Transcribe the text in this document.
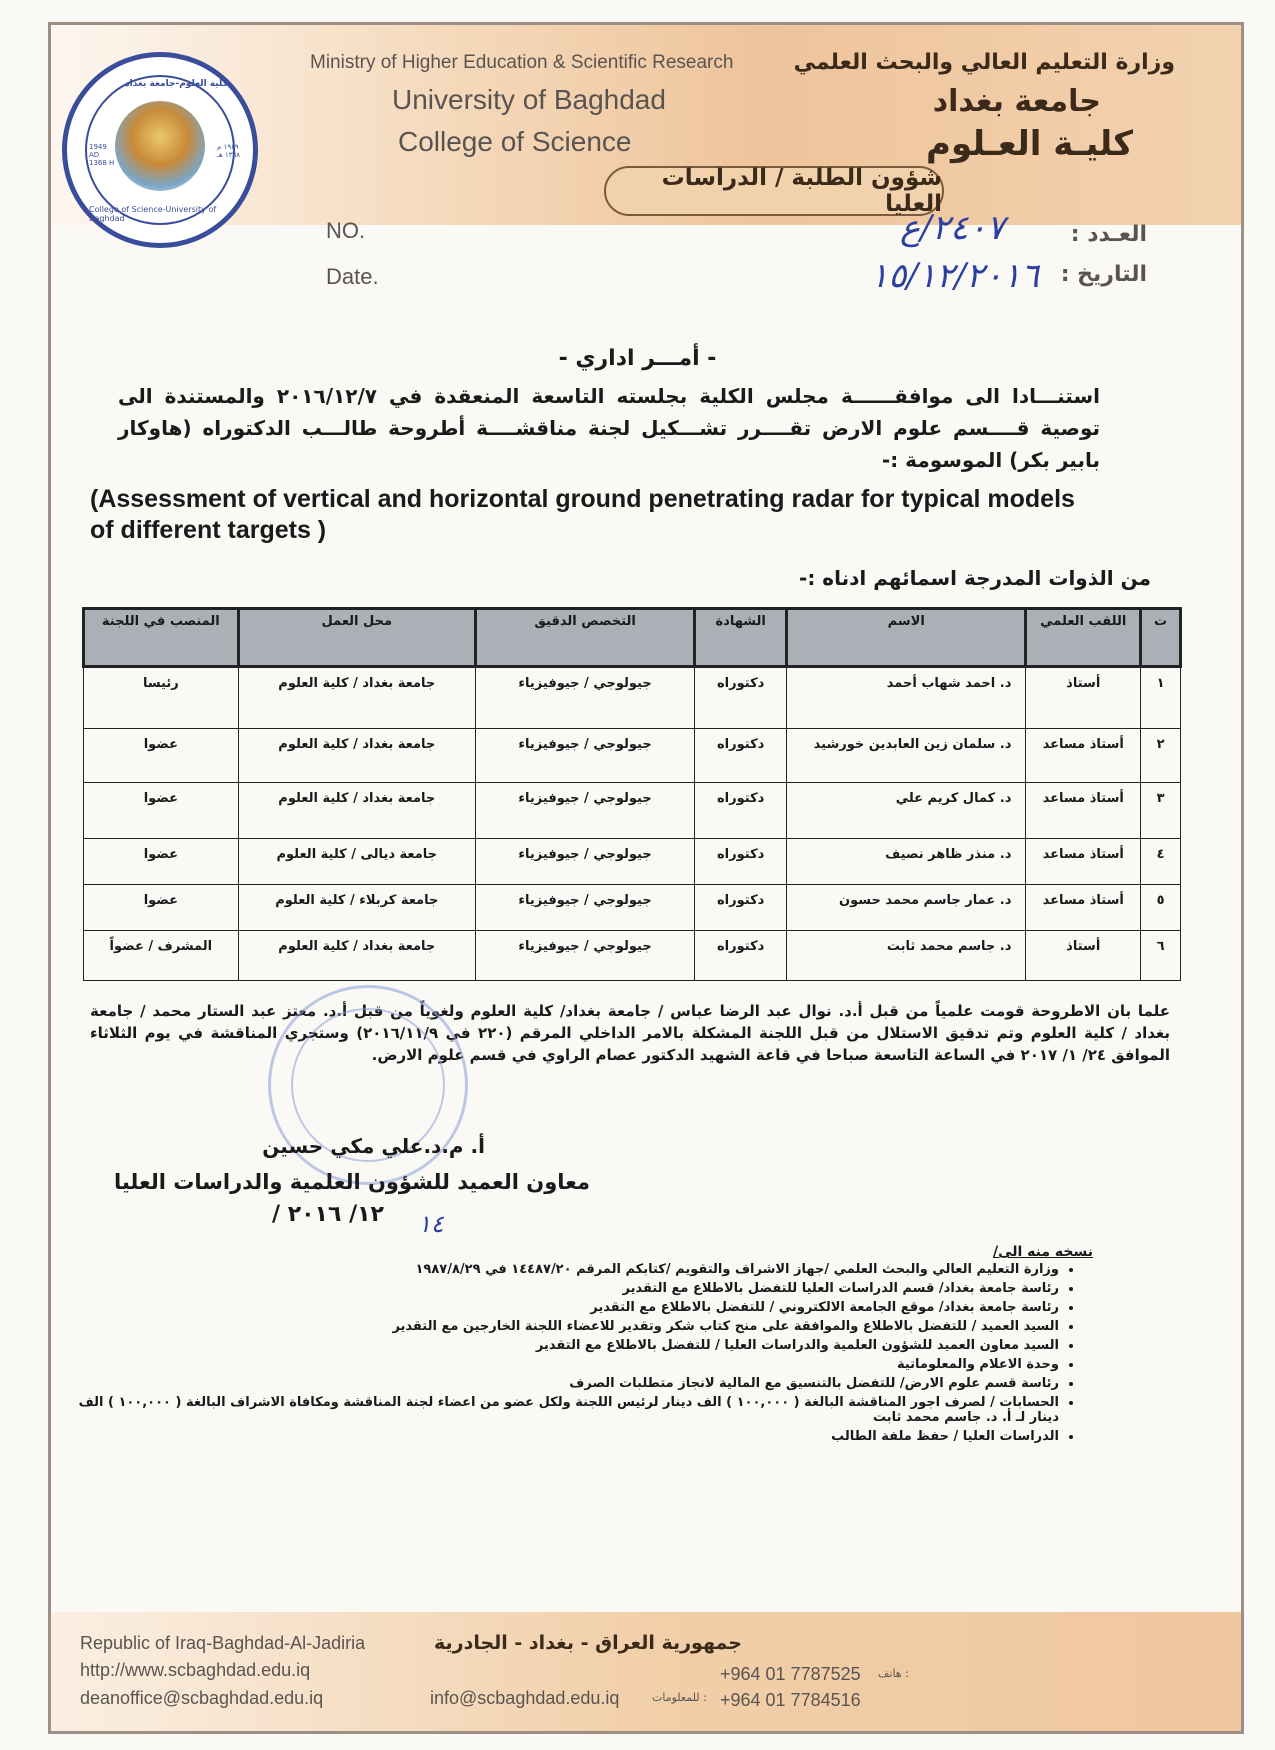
كلية العلوم-جامعة بغداد
College of Science-University of Baghdad
1949 AD 1368 H
١٩٤٩ م ١٣٦٨ هـ
Ministry of Higher Education & Scientific Research
University of Baghdad
College of Science
وزارة التعليم العالي والبحث العلمي
جامعة بغداد
كليـة العـلوم
شؤون الطلبة / الدراسات العليا
NO.
Date.
العـدد :
التاريخ :
٢٤٠٧/ع
١٥/١٢/٢٠١٦
- أمـــر اداري -
استنـــادا الى موافقــــــة مجلس الكلية بجلسته التاسعة المنعقدة في ٢٠١٦/١٢/٧ والمستندة الى توصية قــــسم علوم الارض تقــــرر تشـــكيل لجنة مناقشــــة أطروحة طالـــب الدكتوراه (هاوكار بابير بكر) الموسومة :-
(Assessment of vertical and horizontal ground penetrating radar for typical models of different targets )
من الذوات المدرجة اسمائهم ادناه :-
ت	اللقب العلمي	الاسم	الشهادة	التخصص الدقيق	محل العمل	المنصب في اللجنة
١	أستاذ	د. احمد شهاب أحمد	دكتوراه	جيولوجي / جيوفيزياء	جامعة بغداد / كلية العلوم	رئيسا
٢	أستاذ مساعد	د. سلمان زين العابدين خورشيد	دكتوراه	جيولوجي / جيوفيزياء	جامعة بغداد / كلية العلوم	عضوا
٣	أستاذ مساعد	د. كمال كريم علي	دكتوراه	جيولوجي / جيوفيزياء	جامعة بغداد / كلية العلوم	عضوا
٤	أستاذ مساعد	د. منذر ظاهر نصيف	دكتوراه	جيولوجي / جيوفيزياء	جامعة ديالى / كلية العلوم	عضوا
٥	أستاذ مساعد	د. عمار جاسم محمد حسون	دكتوراه	جيولوجي / جيوفيزياء	جامعة كربلاء / كلية العلوم	عضوا
٦	أستاذ	د. جاسم محمد ثابت	دكتوراه	جيولوجي / جيوفيزياء	جامعة بغداد / كلية العلوم	المشرف / عضواً
علما بان الاطروحة قومت علمياً من قبل أ.د. نوال عبد الرضا عباس / جامعة بغداد/ كلية العلوم ولغوياً من قبل أ.د. معتز عبد الستار محمد / جامعة بغداد / كلية العلوم وتم تدقيق الاستلال من قبل اللجنة المشكلة بالامر الداخلي المرقم (٢٢٠ في ٢٠١٦/١١/٩) وستجري المناقشة في يوم الثلاثاء الموافق ٢٤/ ١/ ٢٠١٧ في الساعة التاسعة صباحا في قاعة الشهيد الدكتور عصام الراوي في قسم علوم الارض.
أ. م.د.علي مكي حسين
معاون العميد للشؤون العلمية والدراسات العليا
/ ١٢/ ٢٠١٦ ١٤
نسخه منه الى/
• وزارة التعليم العالي والبحث العلمي /جهاز الاشراف والتقويم /كتابكم المرقم ١٤٤٨٧/٢٠ في ١٩٨٧/٨/٢٩
• رئاسة جامعة بغداد/ قسم الدراسات العليا للتفضل بالاطلاع مع التقدير
• رئاسة جامعة بغداد/ موقع الجامعة الالكتروني / للتفضل بالاطلاع مع التقدير
• السيد العميد / للتفضل بالاطلاع والموافقة على منح كتاب شكر وتقدير للاعضاء اللجنة الخارجين مع التقدير
• السيد معاون العميد للشؤون العلمية والدراسات العليا / للتفضل بالاطلاع مع التقدير
• وحدة الاعلام والمعلوماتية
• رئاسة قسم علوم الارض/ للتفضل بالتنسيق مع المالية لانجاز متطلبات الصرف
• الحسابات / لصرف اجور المناقشة البالغة ( ١٠٠,٠٠٠ ) الف دينار لرئيس اللجنة ولكل عضو من اعضاء لجنة المناقشة ومكافاة الاشراف البالغة ( ١٠٠,٠٠٠ ) الف دينار لـ أ. د. جاسم محمد ثابت
• الدراسات العليا / حفظ ملفة الطالب
Republic of Iraq-Baghdad-Al-Jadiria	جمهورية العراق - بغداد - الجادرية
http://www.scbaghdad.edu.iq
deanoffice@scbaghdad.edu.iq	info@scbaghdad.edu.iq	: للمعلومات
+964 01 7787525 : هاتف
+964 01 7784516
